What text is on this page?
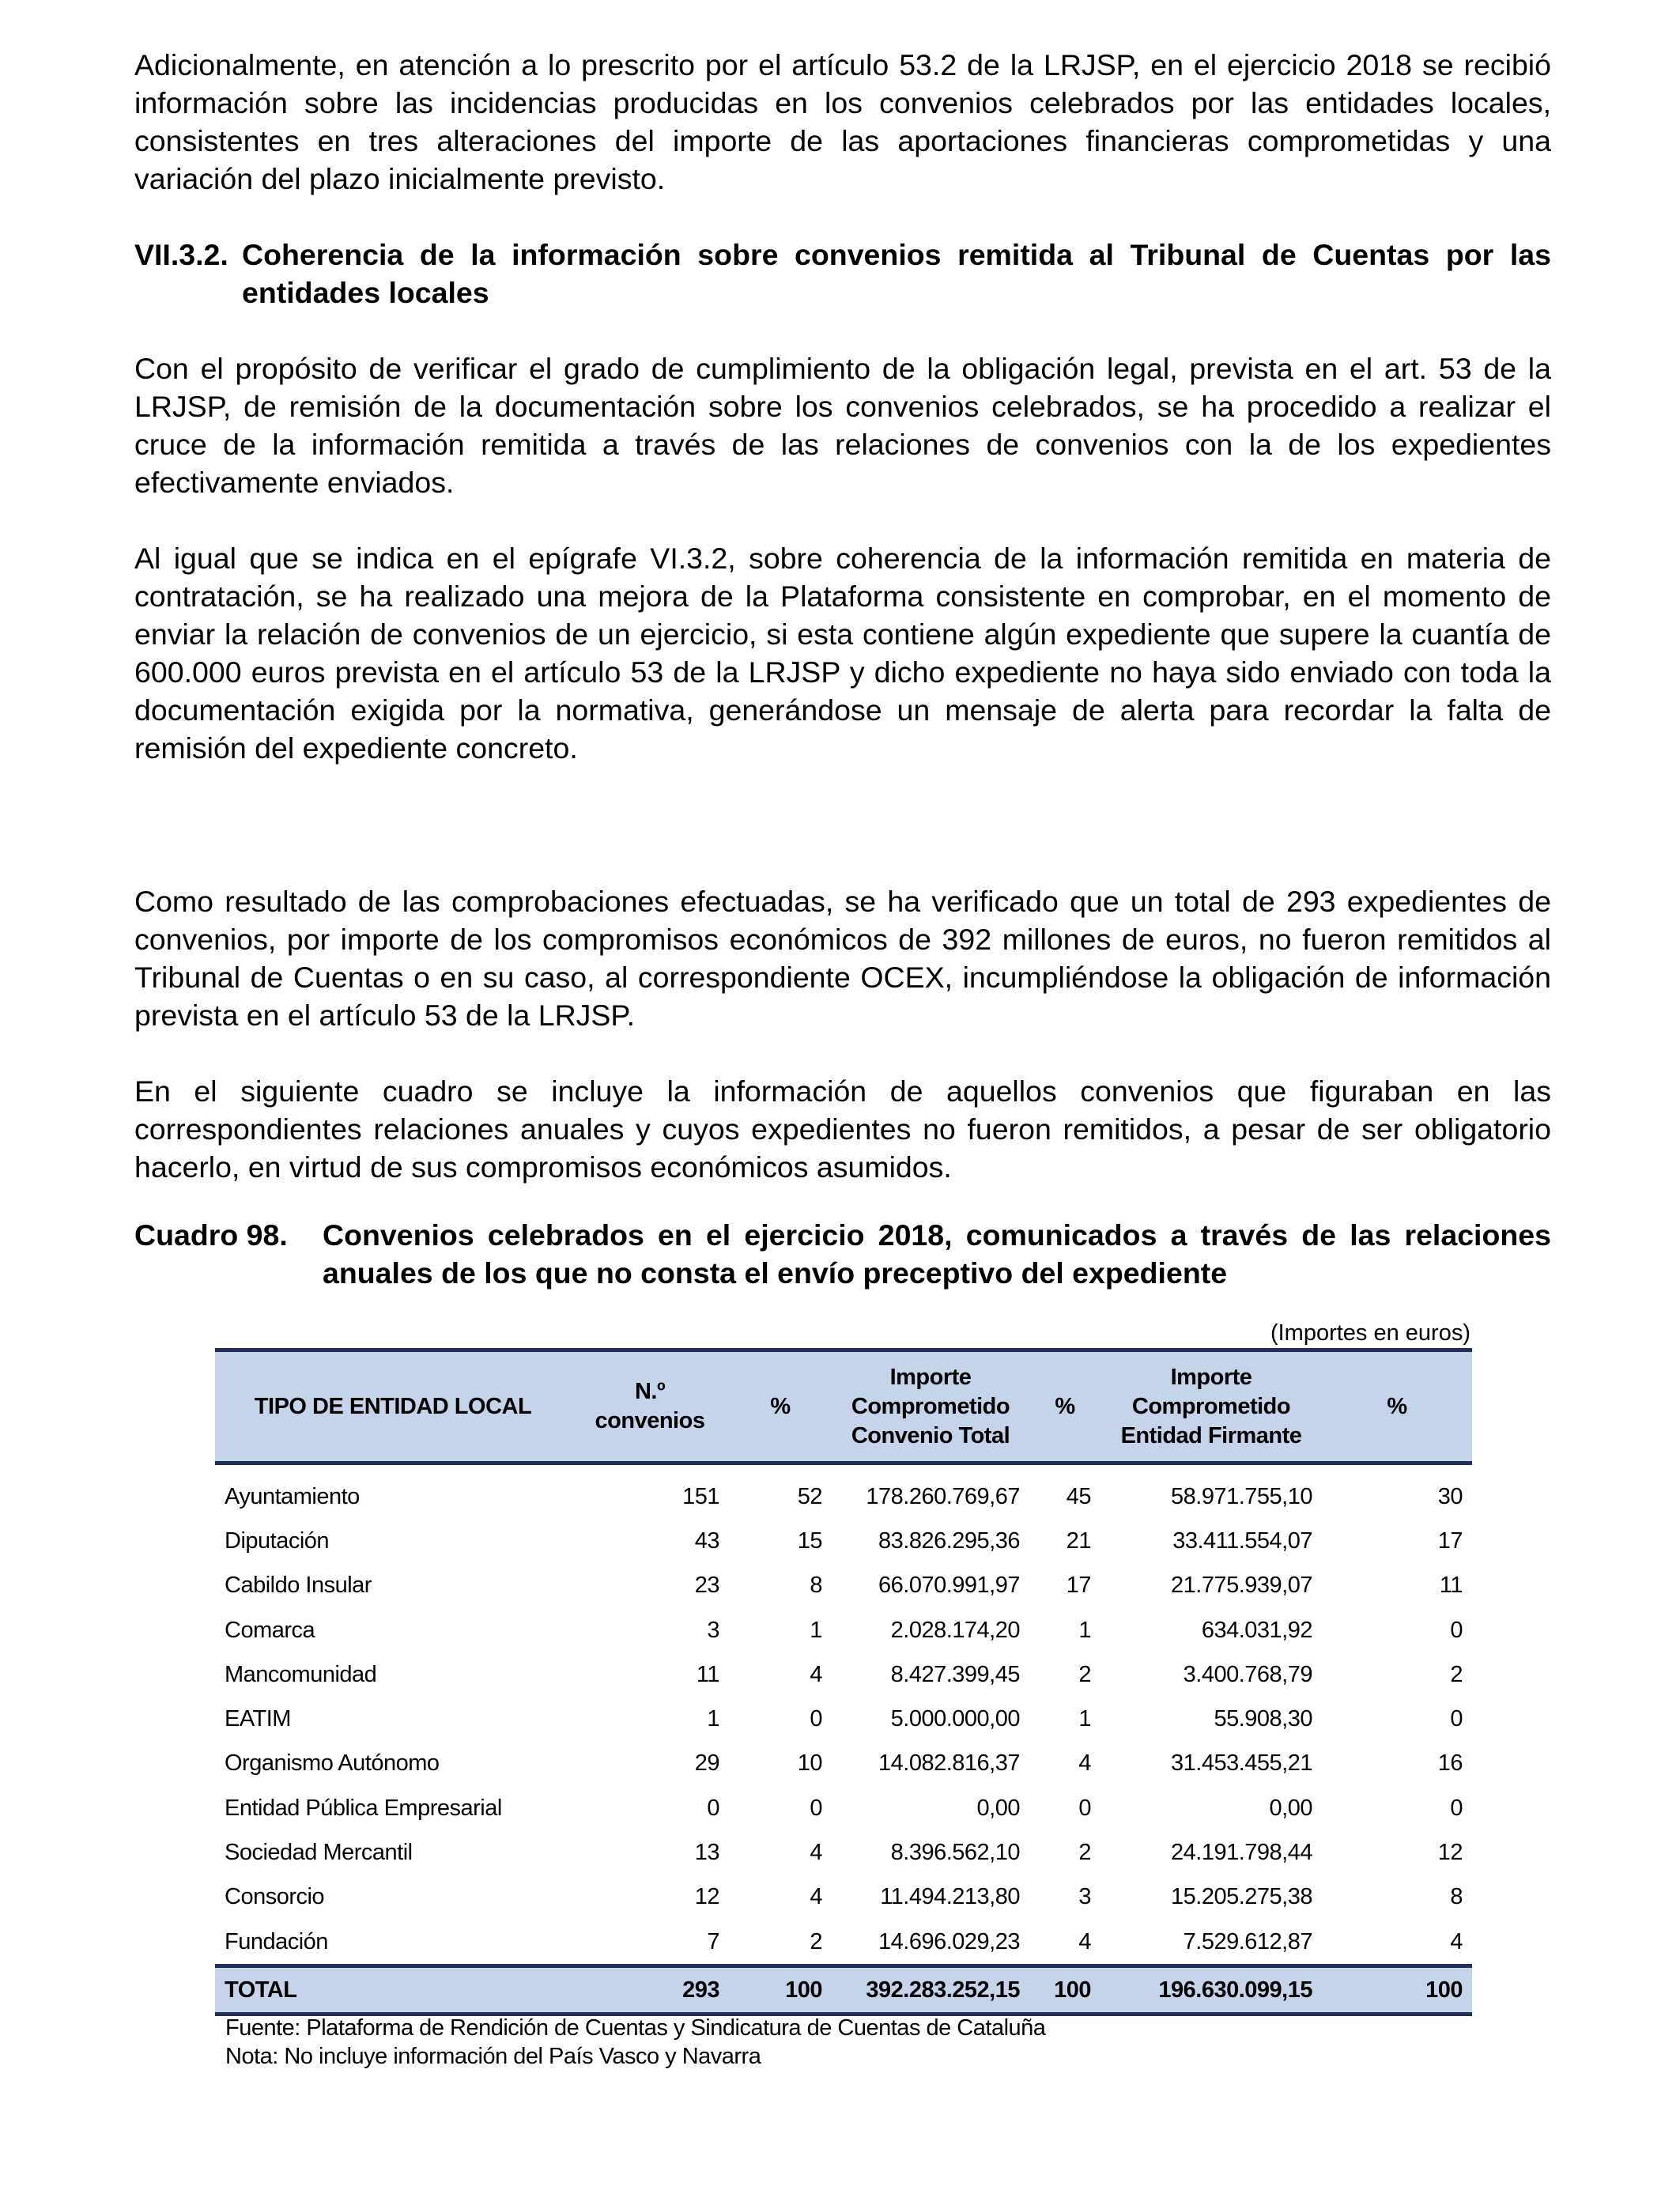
Adicionalmente, en atención a lo prescrito por el artículo 53.2 de la LRJSP, en el ejercicio 2018 se recibió información sobre las incidencias producidas en los convenios celebrados por las entidades locales, consistentes en tres alteraciones del importe de las aportaciones financieras comprometidas y una variación del plazo inicialmente previsto.

VII.3.2. Coherencia de la información sobre convenios remitida al Tribunal de Cuentas por las entidades locales

Con el propósito de verificar el grado de cumplimiento de la obligación legal, prevista en el art. 53 de la LRJSP, de remisión de la documentación sobre los convenios celebrados, se ha procedido a realizar el cruce de la información remitida a través de las relaciones de convenios con la de los expedientes efectivamente enviados.

Al igual que se indica en el epígrafe VI.3.2, sobre coherencia de la información remitida en materia de contratación, se ha realizado una mejora de la Plataforma consistente en comprobar, en el momento de enviar la relación de convenios de un ejercicio, si esta contiene algún expediente que supere la cuantía de 600.000 euros prevista en el artículo 53 de la LRJSP y dicho expediente no haya sido enviado con toda la documentación exigida por la normativa, generándose un mensaje de alerta para recordar la falta de remisión del expediente concreto.

Como resultado de las comprobaciones efectuadas, se ha verificado que un total de 293 expedientes de convenios, por importe de los compromisos económicos de 392 millones de euros, no fueron remitidos al Tribunal de Cuentas o en su caso, al correspondiente OCEX, incumpliéndose la obligación de información prevista en el artículo 53 de la LRJSP.

En el siguiente cuadro se incluye la información de aquellos convenios que figuraban en las correspondientes relaciones anuales y cuyos expedientes no fueron remitidos, a pesar de ser obligatorio hacerlo, en virtud de sus compromisos económicos asumidos.

Cuadro 98.	Convenios celebrados en el ejercicio 2018, comunicados a través de las relaciones anuales de los que no consta el envío preceptivo del expediente
(Importes en euros)
TIPO DE ENTIDAD LOCAL	N.º convenios	%	Importe
Comprometido
Convenio Total	%	Importe
Comprometido
Entidad Firmante	%
Ayuntamiento	151	52	178.260.769,67	45	58.971.755,10	30
Diputación	43	15	83.826.295,36	21	33.411.554,07	17
Cabildo Insular	23	8	66.070.991,97	17	21.775.939,07	11
Comarca	3	1	2.028.174,20	1	634.031,92	0
Mancomunidad	11	4	8.427.399,45	2	3.400.768,79	2
EATIM	1	0	5.000.000,00	1	55.908,30	0
Organismo Autónomo	29	10	14.082.816,37	4	31.453.455,21	16
Entidad Pública Empresarial	0	0	0,00	0	0,00	0
Sociedad Mercantil	13	4	8.396.562,10	2	24.191.798,44	12
Consorcio	12	4	11.494.213,80	3	15.205.275,38	8
Fundación	7	2	14.696.029,23	4	7.529.612,87	4
TOTAL	293	100	392.283.252,15	100	196.630.099,15	100
Fuente: Plataforma de Rendición de Cuentas y Sindicatura de Cuentas de Cataluña
Nota: No incluye información del País Vasco y Navarra
